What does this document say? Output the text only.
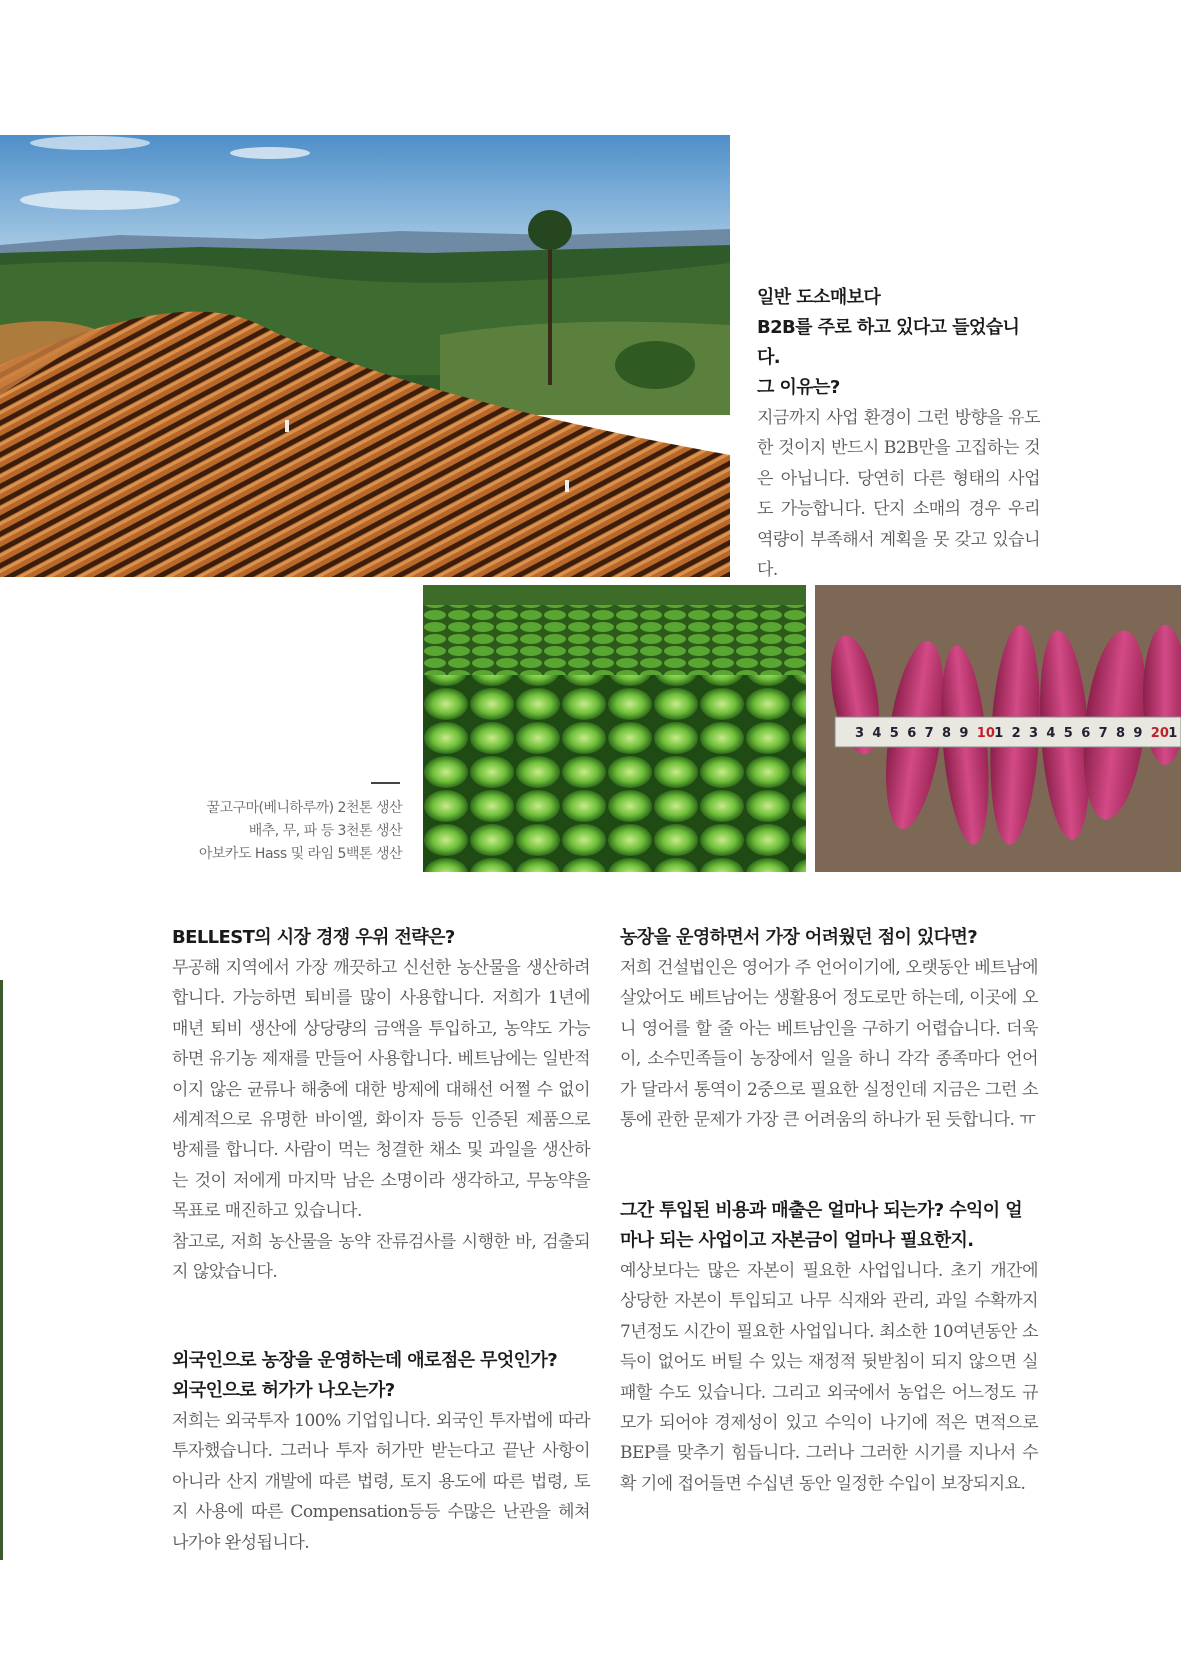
일반 도소매보다
B2B를 주로 하고 있다고 들었습니다.
그 이유는?
지금까지 사업 환경이 그런 방향을 유도한 것이지 반드시 B2B만을 고집하는 것은 아닙니다. 당연히 다른 형태의 사업도 가능합니다. 단지 소매의 경우 우리 역량이 부족해서 계획을 못 갖고 있습니다.
3 4 5 6 7 8 9 10 1 2 3 4 5 6 7 8 9 20 1
꿀고구마(베니하루까) 2천톤 생산
배추, 무, 파 등 3천톤 생산
아보카도 Hass 및 라임 5백톤 생산
BELLEST의 시장 경쟁 우위 전략은?

무공해 지역에서 가장 깨끗하고 신선한 농산물을 생산하려 합니다. 가능하면 퇴비를 많이 사용합니다. 저희가 1년에 매년 퇴비 생산에 상당량의 금액을 투입하고, 농약도 가능하면 유기농 제재를 만들어 사용합니다. 베트남에는 일반적이지 않은 균류나 해충에 대한 방제에 대해선 어쩔 수 없이 세계적으로 유명한 바이엘, 화이자 등등 인증된 제품으로 방제를 합니다. 사람이 먹는 청결한 채소 및 과일을 생산하는 것이 저에게 마지막 남은 소명이라 생각하고, 무농약을 목표로 매진하고 있습니다.

참고로, 저희 농산물을 농약 잔류검사를 시행한 바, 검출되지 않았습니다.

외국인으로 농장을 운영하는데 애로점은 무엇인가?
외국인으로 허가가 나오는가?
저희는 외국투자 100% 기업입니다. 외국인 투자법에 따라 투자했습니다. 그러나 투자 허가만 받는다고 끝난 사항이 아니라 산지 개발에 따른 법령, 토지 용도에 따른 법령, 토지 사용에 따른 Compensation등등 수많은 난관을 헤쳐 나가야 완성됩니다.
농장을 운영하면서 가장 어려웠던 점이 있다면?
저희 건설법인은 영어가 주 언어이기에, 오랫동안 베트남에 살았어도 베트남어는 생활용어 정도로만 하는데, 이곳에 오니 영어를 할 줄 아는 베트남인을 구하기 어렵습니다. 더욱이, 소수민족들이 농장에서 일을 하니 각각 종족마다 언어가 달라서 통역이 2중으로 필요한 실정인데 지금은 그런 소통에 관한 문제가 가장 큰 어려움의 하나가 된 듯합니다. ㅠ
그간 투입된 비용과 매출은 얼마나 되는가? 수익이 얼마나 되는 사업이고 자본금이 얼마나 필요한지.
예상보다는 많은 자본이 필요한 사업입니다. 초기 개간에 상당한 자본이 투입되고 나무 식재와 관리, 과일 수확까지 7년정도 시간이 필요한 사업입니다. 최소한 10여년동안 소득이 없어도 버틸 수 있는 재정적 뒷받침이 되지 않으면 실패할 수도 있습니다. 그리고 외국에서 농업은 어느정도 규모가 되어야 경제성이 있고 수익이 나기에 적은 면적으로 BEP를 맞추기 힘듭니다. 그러나 그러한 시기를 지나서 수확 기에 접어들면 수십년 동안 일정한 수입이 보장되지요.
